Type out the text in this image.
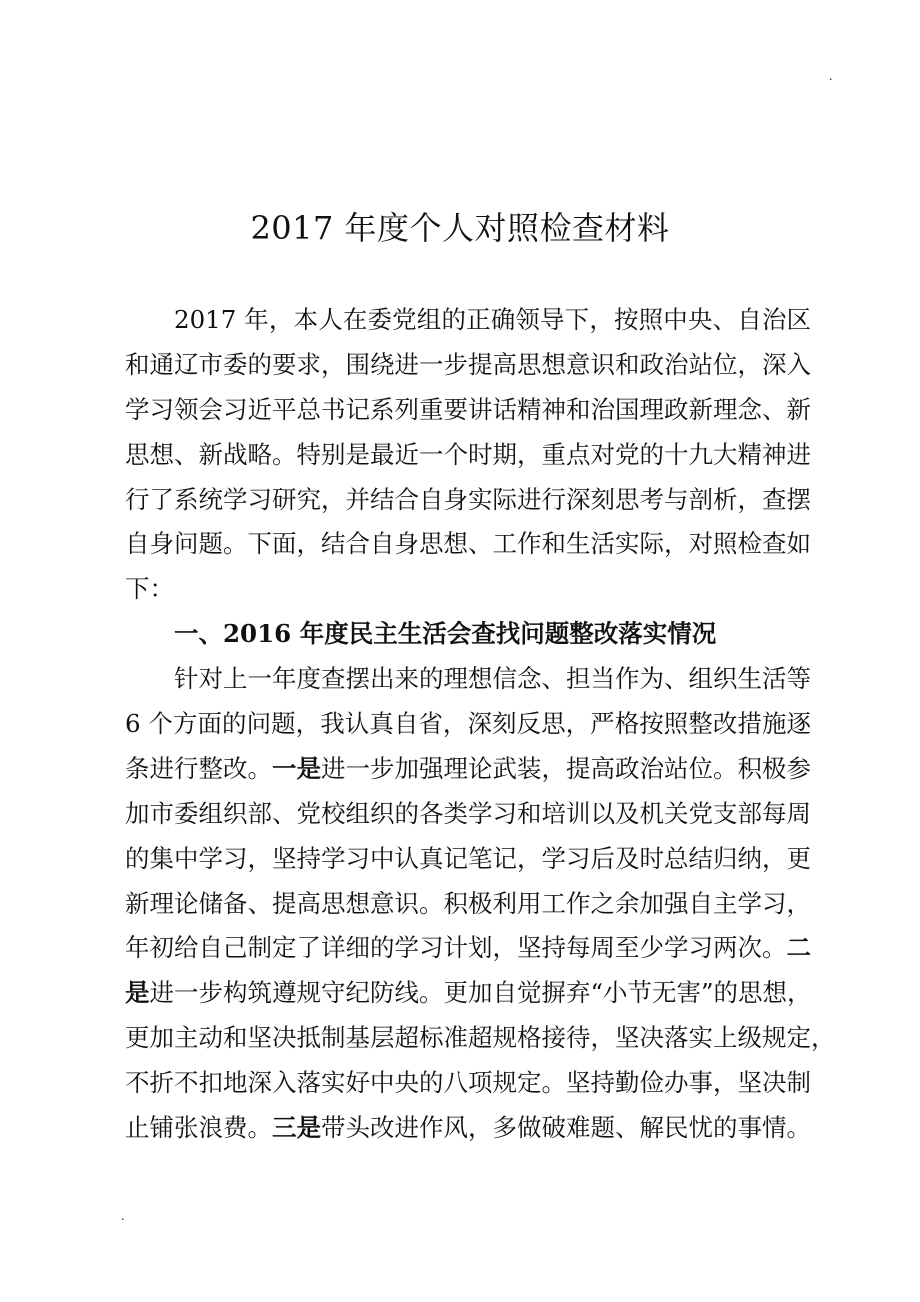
.
2017 年度个人对照检查材料
2017 年，本人在委党组的正确领导下，按照中央、自治区
和通辽市委的要求，围绕进一步提高思想意识和政治站位，深入
学习领会习近平总书记系列重要讲话精神和治国理政新理念、新
思想、新战略。特别是最近一个时期，重点对党的十九大精神进
行了系统学习研究，并结合自身实际进行深刻思考与剖析，查摆
自身问题。下面，结合自身思想、工作和生活实际，对照检查如
下：
一、2016 年度民主生活会查找问题整改落实情况
针对上一年度查摆出来的理想信念、担当作为、组织生活等
6 个方面的问题，我认真自省，深刻反思，严格按照整改措施逐
条进行整改。一是进一步加强理论武装，提高政治站位。积极参
加市委组织部、党校组织的各类学习和培训以及机关党支部每周
的集中学习，坚持学习中认真记笔记，学习后及时总结归纳，更
新理论储备、提高思想意识。积极利用工作之余加强自主学习，
年初给自己制定了详细的学习计划，坚持每周至少学习两次。二
是进一步构筑遵规守纪防线。更加自觉摒弃“小节无害”的思想，
更加主动和坚决抵制基层超标准超规格接待，坚决落实上级规定，
不折不扣地深入落实好中央的八项规定。坚持勤俭办事，坚决制
止铺张浪费。三是带头改进作风，多做破难题、解民忧的事情。
.
